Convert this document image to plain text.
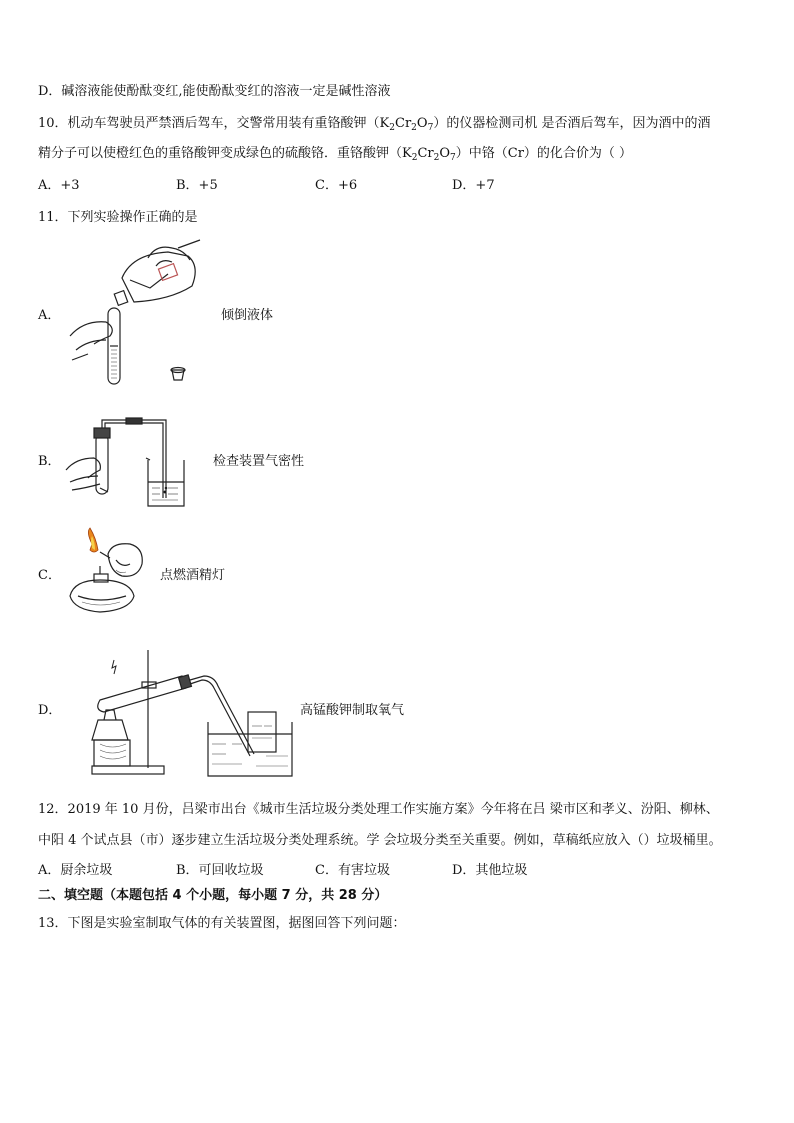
D．碱溶液能使酚酞变红,能使酚酞变红的溶液一定是碱性溶液
10．机动车驾驶员严禁酒后驾车，交警常用装有重铬酸钾$(K_2Cr_2O_7)$的仪器检测司机 是否酒后驾车，因为酒中的酒
精分子可以使橙红色的重铬酸钾变成绿色的硫酸铬．重铬酸钾$(K_2Cr_2O_7)$中铬（Cr）的化合价为（ ）
A．+3	B．+5	C．+6	D．+7
11．下列实验操作正确的是
A．	倾倒液体
B．	检查装置气密性
C．	点燃酒精灯
D．	高锰酸钾制取氧气
12．2019 年 10 月份，吕梁市出台《城市生活垃圾分类处理工作实施方案》今年将在吕 梁市区和孝义、汾阳、柳林、
中阳 4 个试点县（市）逐步建立生活垃圾分类处理系统。学 会垃圾分类至关重要。例如，草稿纸应放入（）垃圾桶里。
A．厨余垃圾	B．可回收垃圾	C．有害垃圾	D．其他垃圾
二、填空题（本题包括 4 个小题，每小题 7 分，共 28 分）
13．下图是实验室制取气体的有关装置图，据图回答下列问题：
